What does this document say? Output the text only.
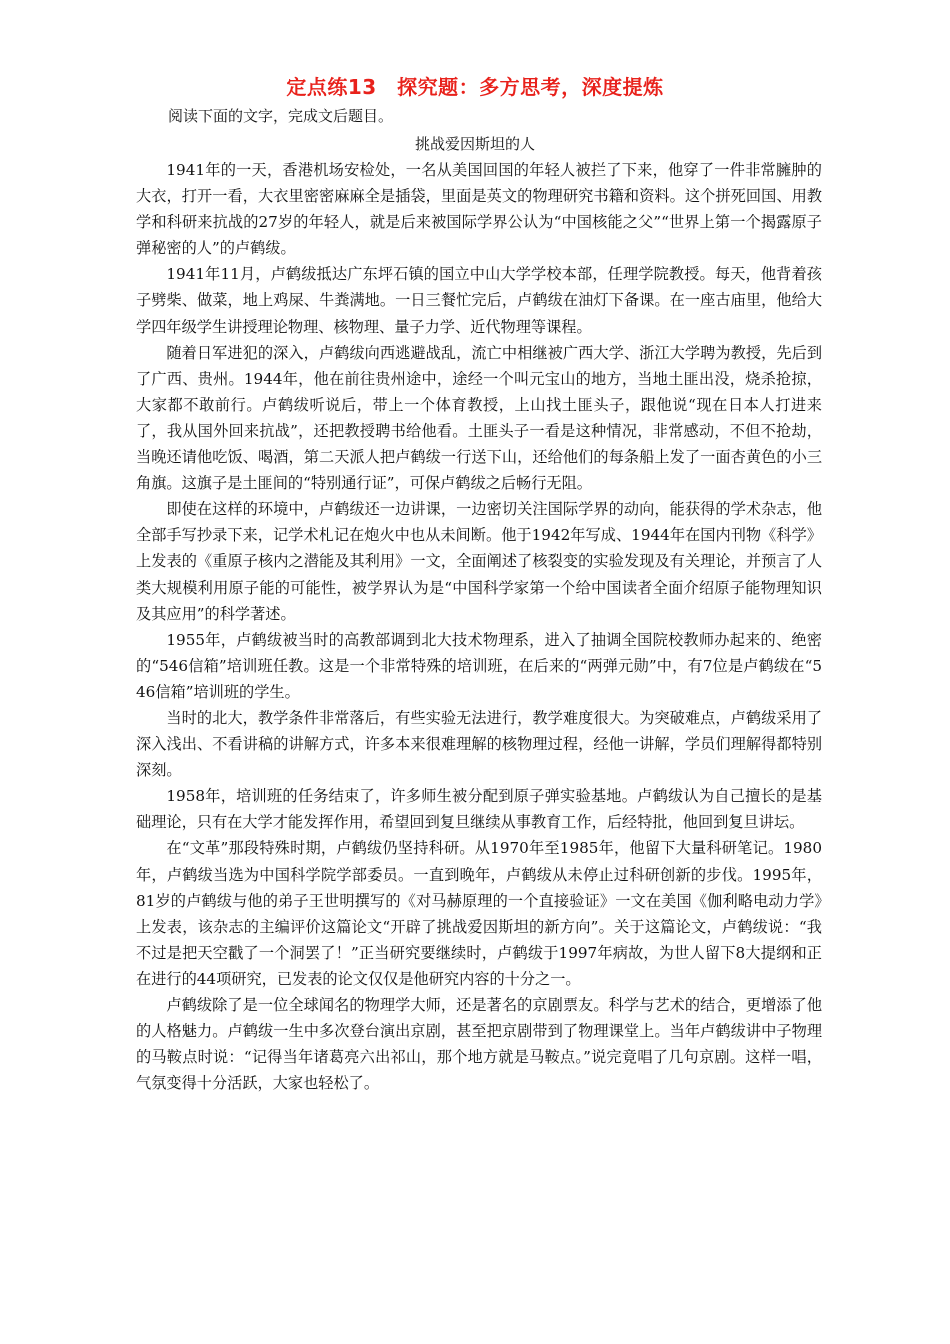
定点练13　探究题：多方思考，深度提炼
阅读下面的文字，完成文后题目。
挑战爱因斯坦的人

1941年的一天，香港机场安检处，一名从美国回国的年轻人被拦了下来，他穿了一件非常臃肿的大衣，打开一看，大衣里密密麻麻全是插袋，里面是英文的物理研究书籍和资料。这个拼死回国、用教学和科研来抗战的27岁的年轻人，就是后来被国际学界公认为“中国核能之父”“世界上第一个揭露原子弹秘密的人”的卢鹤绂。

1941年11月，卢鹤绂抵达广东坪石镇的国立中山大学学校本部，任理学院教授。每天，他背着孩子劈柴、做菜，地上鸡屎、牛粪满地。一日三餐忙完后，卢鹤绂在油灯下备课。在一座古庙里，他给大学四年级学生讲授理论物理、核物理、量子力学、近代物理等课程。

随着日军进犯的深入，卢鹤绂向西逃避战乱，流亡中相继被广西大学、浙江大学聘为教授，先后到了广西、贵州。1944年，他在前往贵州途中，途经一个叫元宝山的地方，当地土匪出没，烧杀抢掠，大家都不敢前行。卢鹤绂听说后，带上一个体育教授，上山找土匪头子，跟他说“现在日本人打进来了，我从国外回来抗战”，还把教授聘书给他看。土匪头子一看是这种情况，非常感动，不但不抢劫，当晚还请他吃饭、喝酒，第二天派人把卢鹤绂一行送下山，还给他们的每条船上发了一面杏黄色的小三角旗。这旗子是土匪间的“特别通行证”，可保卢鹤绂之后畅行无阻。

即使在这样的环境中，卢鹤绂还一边讲课，一边密切关注国际学界的动向，能获得的学术杂志，他全部手写抄录下来，记学术札记在炮火中也从未间断。他于1942年写成、1944年在国内刊物《科学》上发表的《重原子核内之潜能及其利用》一文，全面阐述了核裂变的实验发现及有关理论，并预言了人类大规模利用原子能的可能性，被学界认为是“中国科学家第一个给中国读者全面介绍原子能物理知识及其应用”的科学著述。

1955年，卢鹤绂被当时的高教部调到北大技术物理系，进入了抽调全国院校教师办起来的、绝密的“546信箱”培训班任教。这是一个非常特殊的培训班，在后来的“两弹元勋”中，有7位是卢鹤绂在“546信箱”培训班的学生。

当时的北大，教学条件非常落后，有些实验无法进行，教学难度很大。为突破难点，卢鹤绂采用了深入浅出、不看讲稿的讲解方式，许多本来很难理解的核物理过程，经他一讲解，学员们理解得都特别深刻。

1958年，培训班的任务结束了，许多师生被分配到原子弹实验基地。卢鹤绂认为自己擅长的是基础理论，只有在大学才能发挥作用，希望回到复旦继续从事教育工作，后经特批，他回到复旦讲坛。

在“文革”那段特殊时期，卢鹤绂仍坚持科研。从1970年至1985年，他留下大量科研笔记。1980年，卢鹤绂当选为中国科学院学部委员。一直到晚年，卢鹤绂从未停止过科研创新的步伐。1995年，81岁的卢鹤绂与他的弟子王世明撰写的《对马赫原理的一个直接验证》一文在美国《伽利略电动力学》上发表，该杂志的主编评价这篇论文“开辟了挑战爱因斯坦的新方向”。关于这篇论文，卢鹤绂说：“我不过是把天空戳了一个洞罢了！”正当研究要继续时，卢鹤绂于1997年病故，为世人留下8大提纲和正在进行的44项研究，已发表的论文仅仅是他研究内容的十分之一。

卢鹤绂除了是一位全球闻名的物理学大师，还是著名的京剧票友。科学与艺术的结合，更增添了他的人格魅力。卢鹤绂一生中多次登台演出京剧，甚至把京剧带到了物理课堂上。当年卢鹤绂讲中子物理的马鞍点时说：“记得当年诸葛亮六出祁山，那个地方就是马鞍点。”说完竟唱了几句京剧。这样一唱，气氛变得十分活跃，大家也轻松了。
